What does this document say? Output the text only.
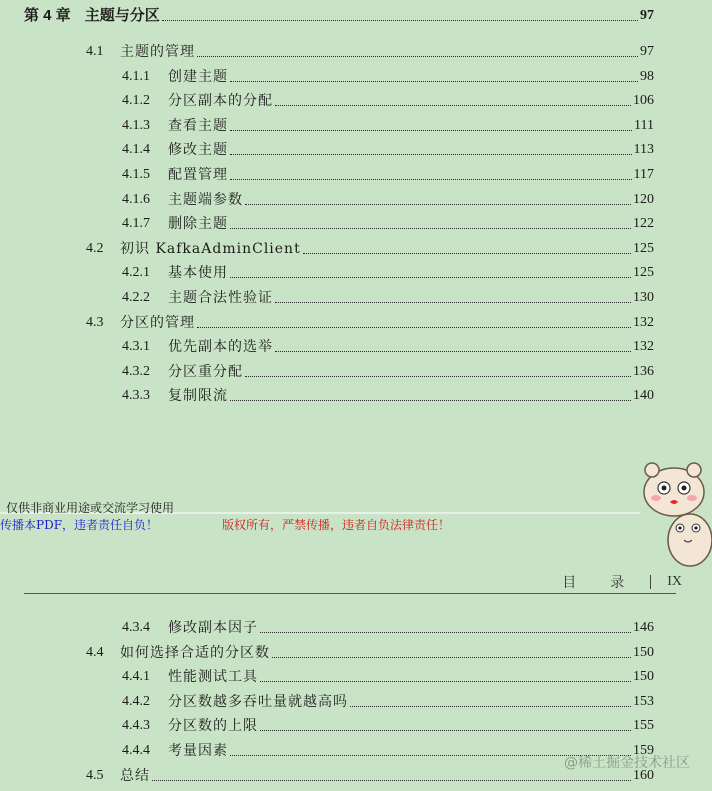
第 4 章 主题与分区	97
4.1	主题的管理	97
4.1.1	创建主题	98
4.1.2	分区副本的分配	106
4.1.3	查看主题	111
4.1.4	修改主题	113
4.1.5	配置管理	117
4.1.6	主题端参数	120
4.1.7	删除主题	122
4.2	初识 KafkaAdminClient	125
4.2.1	基本使用	125
4.2.2	主题合法性验证	130
4.3	分区的管理	132
4.3.1	优先副本的选举	132
4.3.2	分区重分配	136
4.3.3	复制限流	140
仅供非商业用途或交流学习使用
传播本PDF，违者责任自负！	版权所有，严禁传播，违者自负法律责任！
目　录 IX
4.3.4	修改副本因子	146
4.4	如何选择合适的分区数	150
4.4.1	性能测试工具	150
4.4.2	分区数越多吞吐量就越高吗	153
4.4.3	分区数的上限	155
4.4.4	考量因素	159
4.5	总结	160
@稀土掘金技术社区
